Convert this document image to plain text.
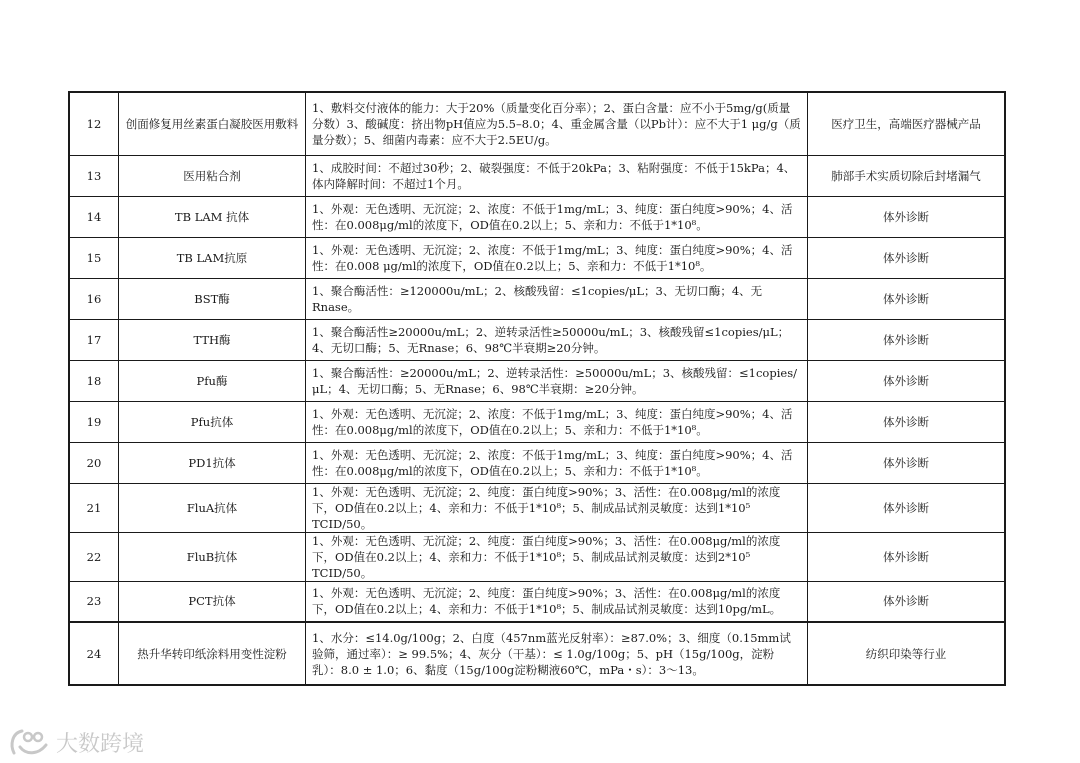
12	创面修复用丝素蛋白凝胶医用敷料	1、敷料交付液体的能力：大于20%（质量变化百分率）；2、蛋白含量：应不小于5mg/g(质量分数）3、酸碱度：挤出物pH值应为5.5–8.0；4、重金属含量（以Pb计）：应不大于1 μg/g（质量分数）；5、细菌内毒素：应不大于2.5EU/g。	医疗卫生，高端医疗器械产品
13	医用粘合剂	1、成胶时间：不超过30秒；2、破裂强度：不低于20kPa；3、粘附强度：不低于15kPa；4、体内降解时间：不超过1个月。	肺部手术实质切除后封堵漏气
14	TB LAM 抗体	1、外观：无色透明、无沉淀；2、浓度：不低于1mg/mL；3、纯度：蛋白纯度>90%；4、活性：在0.008μg/ml的浓度下，OD值在0.2以上；5、亲和力：不低于1*10⁸。	体外诊断
15	TB LAM抗原	1、外观：无色透明、无沉淀；2、浓度：不低于1mg/mL；3、纯度：蛋白纯度>90%；4、活性：在0.008 μg/ml的浓度下，OD值在0.2以上；5、亲和力：不低于1*10⁸。	体外诊断
16	BST酶	1、聚合酶活性：≥120000u/mL；2、核酸残留：≤1copies/μL；3、无切口酶；4、无Rnase。	体外诊断
17	TTH酶	1、聚合酶活性≥20000u/mL；2、逆转录活性≥50000u/mL；3、核酸残留≤1copies/μL；4、无切口酶；5、无Rnase；6、98℃半衰期≥20分钟。	体外诊断
18	Pfu酶	1、聚合酶活性：≥20000u/mL；2、逆转录活性：≥50000u/mL；3、核酸残留：≤1copies/μL；4、无切口酶；5、无Rnase；6、98℃半衰期：≥20分钟。	体外诊断
19	Pfu抗体	1、外观：无色透明、无沉淀；2、浓度：不低于1mg/mL；3、纯度：蛋白纯度>90%；4、活性：在0.008μg/ml的浓度下，OD值在0.2以上；5、亲和力：不低于1*10⁸。	体外诊断
20	PD1抗体	1、外观：无色透明、无沉淀；2、浓度：不低于1mg/mL；3、纯度：蛋白纯度>90%；4、活性：在0.008μg/ml的浓度下，OD值在0.2以上；5、亲和力：不低于1*10⁸。	体外诊断
21	FluA抗体	1、外观：无色透明、无沉淀；2、纯度：蛋白纯度>90%；3、活性：在0.008μg/ml的浓度下，OD值在0.2以上；4、亲和力：不低于1*10⁸；5、制成品试剂灵敏度：达到1*10⁵ TCID/50。	体外诊断
22	FluB抗体	1、外观：无色透明、无沉淀；2、纯度：蛋白纯度>90%；3、活性：在0.008μg/ml的浓度下，OD值在0.2以上；4、亲和力：不低于1*10⁸；5、制成品试剂灵敏度：达到2*10⁵ TCID/50。	体外诊断
23	PCT抗体	1、外观：无色透明、无沉淀；2、纯度：蛋白纯度>90%；3、活性：在0.008μg/ml的浓度下，OD值在0.2以上；4、亲和力：不低于1*10⁸；5、制成品试剂灵敏度：达到10pg/mL。	体外诊断
24	热升华转印纸涂料用变性淀粉	1、水分：≤14.0g/100g；2、白度（457nm蓝光反射率）：≥87.0%；3、细度（0.15mm试验筛，通过率）：≥ 99.5%；4、灰分（干基）：≤ 1.0g/100g；5、pH（15g/100g，淀粉乳）：8.0 ± 1.0；6、黏度（15g/100g淀粉糊液60℃，mPa・s）：3～13。	纺织印染等行业
大数跨境
